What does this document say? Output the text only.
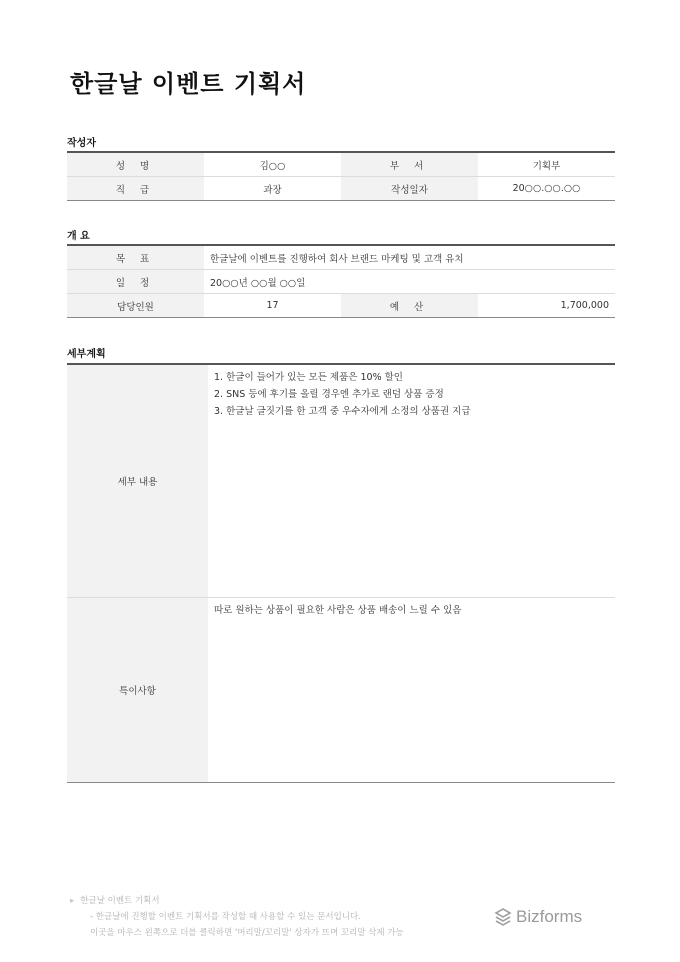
한글날 이벤트 기획서
작성자
성 명	김○○	부 서	기획부
직 급	과장	작성일자	20○○.○○.○○
개 요
목 표	한글날에 이벤트를 진행하여 회사 브랜드 마케팅 및 고객 유치		
일 정	20○○년 ○○월 ○○일		
담당인원	17	예 산	1,700,000
세부계획
세부 내용	1. 한글이 들어가 있는 모든 제품은 10% 할인
2. SNS 등에 후기를 올릴 경우엔 추가로 랜덤 상품 증정
3. 한글날 글짓기를 한 고객 중 우수자에게 소정의 상품권 지급

특이사항	따로 원하는 상품이 필요한 사람은 상품 배송이 느릴 수 있음
▸ 한글날 이벤트 기획서
- 한글날에 진행할 이벤트 기획서를 작성할 때 사용할 수 있는 문서입니다.
이곳을 마우스 왼쪽으로 더블 클릭하면 '머리말/꼬리말' 상자가 뜨며 꼬리말 삭제 가능
Bizforms
